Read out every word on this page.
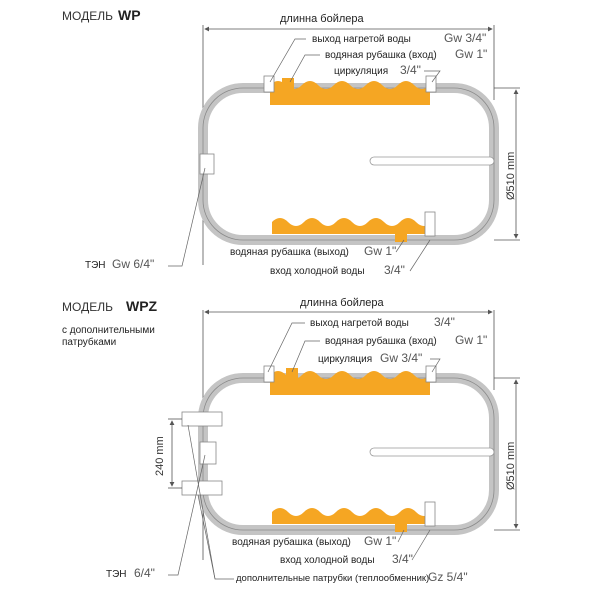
МОДЕЛЬ WP	длинна бойлера
Ø510 mm
выход нагретой воды	Gw 3/4"
водяная рубашка (вход) Gw 1"
циркуляция 3/4"
водяная рубашка (выход) Gw 1"
вход холодной воды 3/4"
ТЭН Gw 6/4"
МОДЕЛЬ WPZ
с дополнительными
патрубками
длинна бойлера
240 mm	Ø510 mm
выход нагретой воды 3/4"
водяная рубашка (вход) Gw 1"
циркуляция Gw 3/4"
водяная рубашка (выход) Gw 1"
вход холодной воды 3/4"
дополнительные патрубки (теплообменник)
Gz 5/4"
ТЭН 6/4"
